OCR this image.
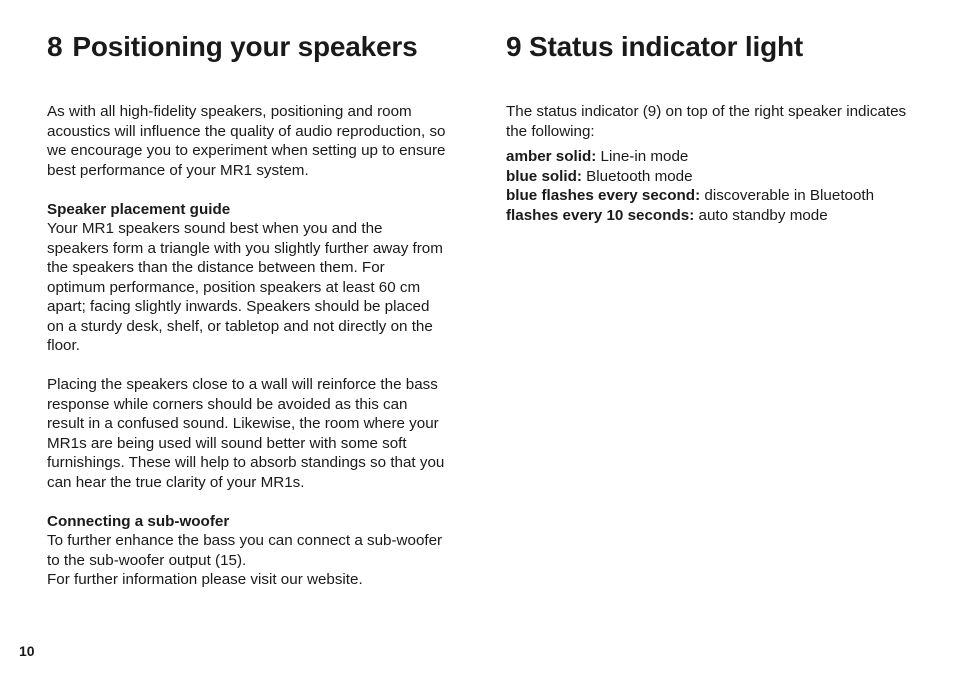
8 Positioning your speakers

As with all high-fidelity speakers, positioning and room acoustics will influence the quality of audio reproduction, so we encourage you to experiment when setting up to ensure best performance of your MR1 system.

Speaker placement guide

Your MR1 speakers sound best when you and the speakers form a triangle with you slightly further away from the speakers than the distance between them. For optimum performance, position speakers at least 60 cm apart; facing slightly inwards. Speakers should be placed on a sturdy desk, shelf, or tabletop and not directly on the floor.

Placing the speakers close to a wall will reinforce the bass response while corners should be avoided as this can result in a confused sound. Likewise, the room where your MR1s are being used will sound better with some soft furnishings. These will help to absorb standings so that you can hear the true clarity of your MR1s.

Connecting a sub-woofer

To further enhance the bass you can connect a sub-woofer to the sub-woofer output (15).

For further information please visit our website.

9 Status indicator light

The status indicator (9) on top of the right speaker indicates the following:

amber solid: Line-in mode
blue solid: Bluetooth mode
blue flashes every second: discoverable in Bluetooth
flashes every 10 seconds: auto standby mode
10
